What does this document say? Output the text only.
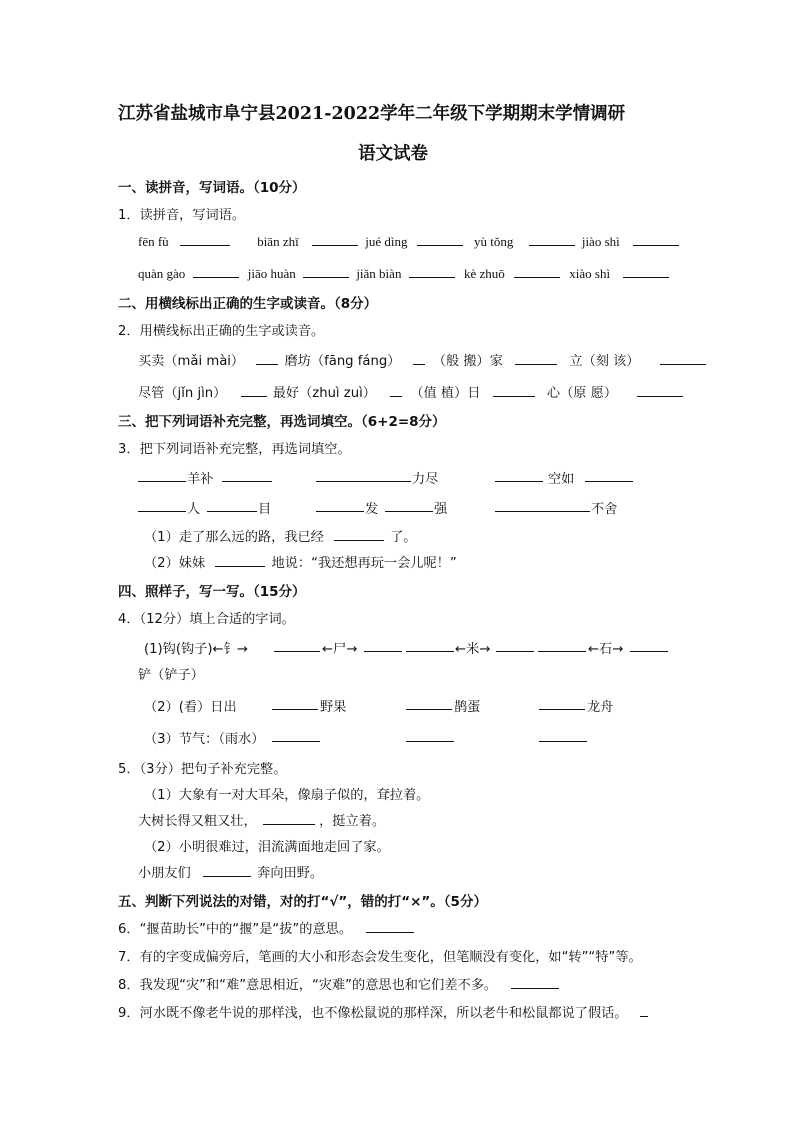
江苏省盐城市阜宁县2021-2022学年二年级下学期期末学情调研
语文试卷
一、读拼音，写词语。（10分）
1．读拼音，写词语。
fēn fù	biān zhī	jué dìng	yù tǒng	jiào shì
quàn gào	jiāo huàn	jiǎn biàn	kè zhuō	xiào shì
二、用横线标出正确的生字或读音。（8分）
2．用横线标出正确的生字或读音。
买卖（mǎi mài）	磨坊（fāng fáng） （般 搬）家	立（刻 该）
尽管（jǐn jìn）	最好（zhuì zuì）	（值 植）日	心（原 愿）
三、把下列词语补充完整，再选词填空。（6+2=8分）
3．把下列词语补充完整，再选词填空。
羊补	力尽	空如
人	目	发	强	不舍
（1）走了那么远的路，我已经	了。
（2）妹妹	地说：“我还想再玩一会儿呢！”
四、照样子，写一写。（15分）
4．（12分）填上合适的字词。
(1)钩(钩子)←钅→	←尸→	←米→	←石→
铲（铲子）
（2）(看）日出	野果	鹊蛋	龙舟
（3）节气：（雨水）
5．（3分）把句子补充完整。
（1）大象有一对大耳朵，像扇子似的，耷拉着。
大树长得又粗又壮，	，挺立着。
（2）小明很难过，泪流满面地走回了家。
小朋友们	奔向田野。
五、判断下列说法的对错，对的打“√”，错的打“×”。（5分）
6．“揠苗助长”中的“揠”是“拔”的意思。
7．有的字变成偏旁后，笔画的大小和形态会发生变化，但笔顺没有变化，如“转”“特”等。
8．我发现“灾”和“难”意思相近，“灾难”的意思也和它们差不多。
9．河水既不像老牛说的那样浅，也不像松鼠说的那样深，所以老牛和松鼠都说了假话。
